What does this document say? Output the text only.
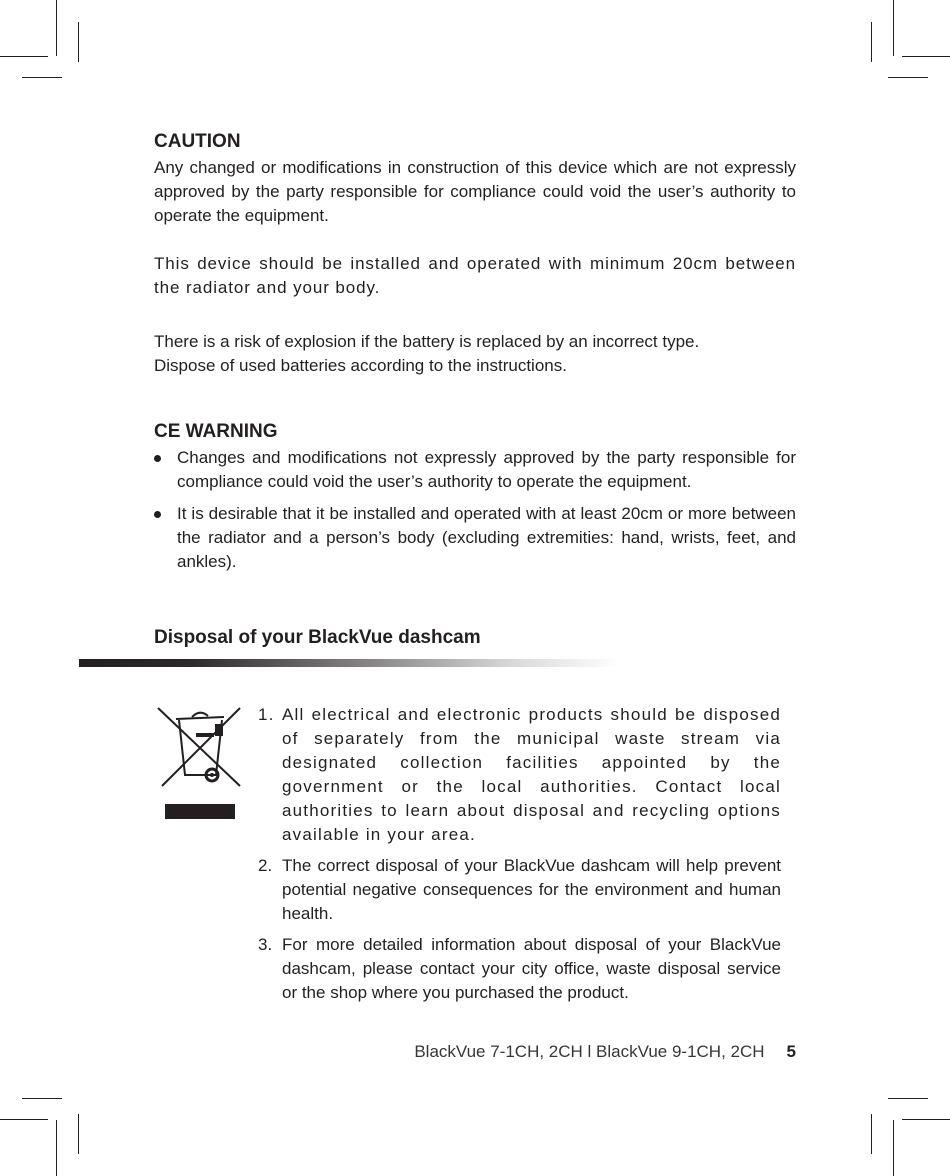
CAUTION

Any changed or modifications in construction of this device which are not expressly approved by the party responsible for compliance could void the user’s authority to operate the equipment.

This device should be installed and operated with minimum 20cm between the radiator and your body.

There is a risk of explosion if the battery is replaced by an incorrect type.

Dispose of used batteries according to the instructions.

CE WARNING
Changes and modifications not expressly approved by the party responsible for compliance could void the user’s authority to operate the equipment.
It is desirable that it be installed and operated with at least 20cm or more between the radiator and a person’s body (excluding extremities: hand, wrists, feet, and ankles).
Disposal of your BlackVue dashcam
1. All electrical and electronic products should be disposed of separately from the municipal waste stream via designated collection facilities appointed by the government or the local authorities. Contact local authorities to learn about disposal and recycling options available in your area.
2. The correct disposal of your BlackVue dashcam will help prevent potential negative consequences for the environment and human health.
3. For more detailed information about disposal of your BlackVue dashcam, please contact your city office, waste disposal service or the shop where you purchased the product.
BlackVue 7-1CH, 2CH l BlackVue 9-1CH, 2CH 5
